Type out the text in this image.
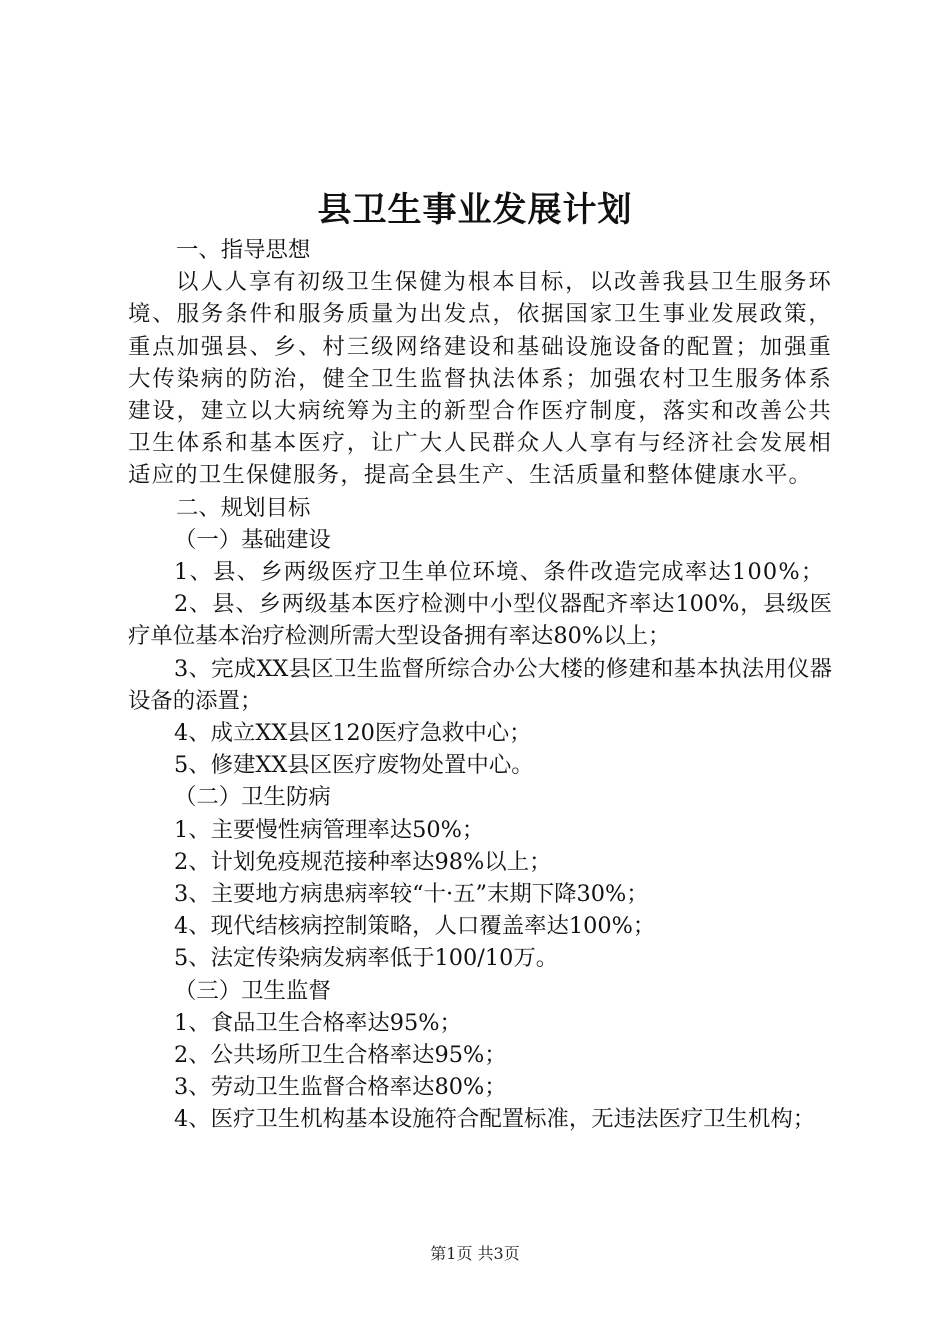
县卫生事业发展计划

一、指导思想

以人人享有初级卫生保健为根本目标，以改善我县卫生服务环境、服务条件和服务质量为出发点，依据国家卫生事业发展政策，重点加强县、乡、村三级网络建设和基础设施设备的配置；加强重大传染病的防治，健全卫生监督执法体系；加强农村卫生服务体系建设，建立以大病统筹为主的新型合作医疗制度，落实和改善公共卫生体系和基本医疗，让广大人民群众人人享有与经济社会发展相适应的卫生保健服务，提高全县生产、生活质量和整体健康水平。

二、规划目标

（一）基础建设

1、县、乡两级医疗卫生单位环境、条件改造完成率达100%；

2、县、乡两级基本医疗检测中小型仪器配齐率达100%，县级医疗单位基本治疗检测所需大型设备拥有率达80%以上；

3、完成XX县区卫生监督所综合办公大楼的修建和基本执法用仪器设备的添置；

4、成立XX县区120医疗急救中心；

5、修建XX县区医疗废物处置中心。

（二）卫生防病

1、主要慢性病管理率达50%；

2、计划免疫规范接种率达98%以上；

3、主要地方病患病率较“十·五”末期下降30%；

4、现代结核病控制策略，人口覆盖率达100%；

5、法定传染病发病率低于100/10万。

（三）卫生监督

1、食品卫生合格率达95%；

2、公共场所卫生合格率达95%；

3、劳动卫生监督合格率达80%；

4、医疗卫生机构基本设施符合配置标准，无违法医疗卫生机构；

第1页 共3页
